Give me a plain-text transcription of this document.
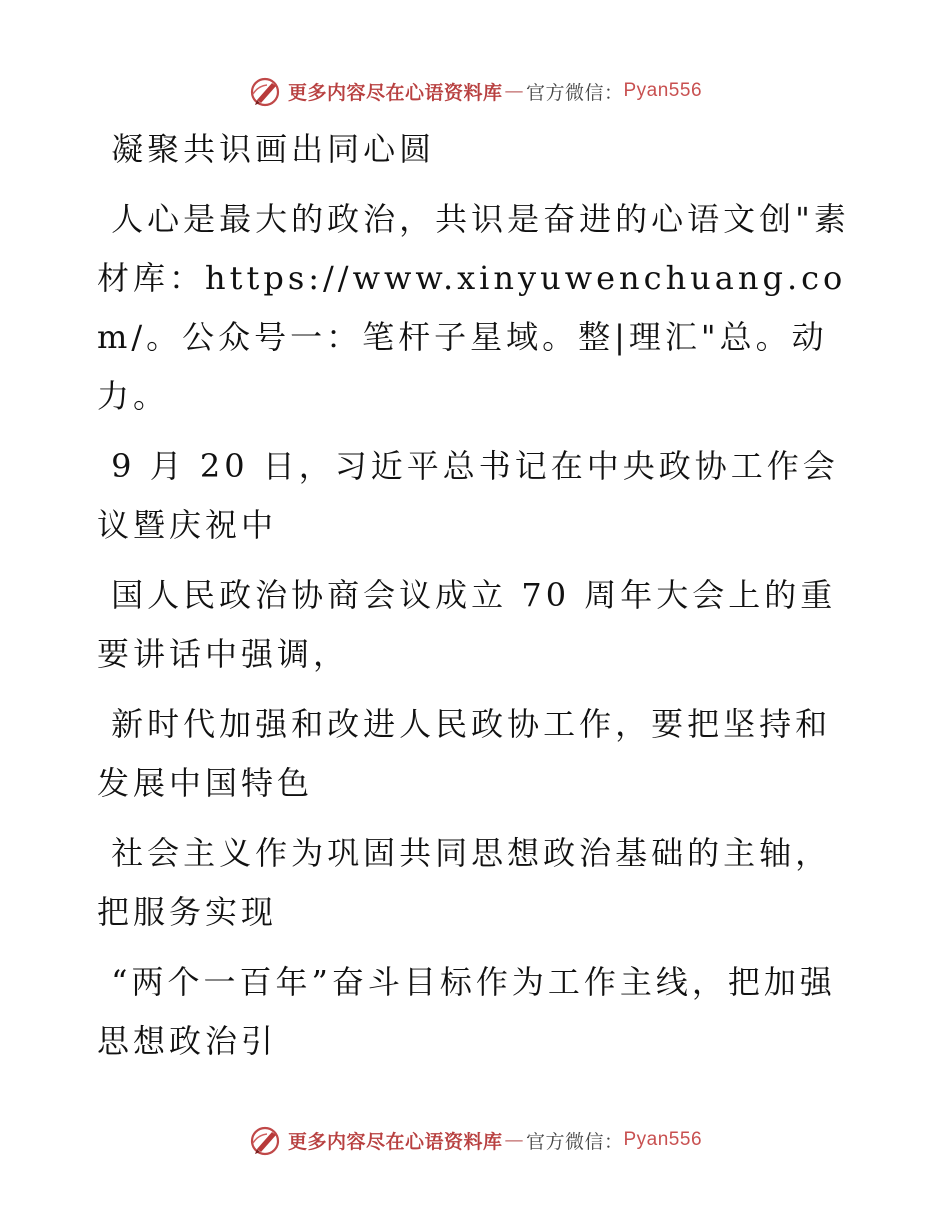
更多内容尽在心语资料库 — 官方微信： Pyan556

凝聚共识画出同心圆

人心是最大的政治，共识是奋进的心语文创"素材库：https://www.xinyuwenchuang.com/。公众号一：笔杆子星域。整|理汇"总。动力。

9 月 20 日，习近平总书记在中央政协工作会议暨庆祝中

国人民政治协商会议成立 70 周年大会上的重要讲话中强调，

新时代加强和改进人民政协工作，要把坚持和发展中国特色

社会主义作为巩固共同思想政治基础的主轴，把服务实现

“两个一百年”奋斗目标作为工作主线，把加强思想政治引

更多内容尽在心语资料库 — 官方微信： Pyan556
